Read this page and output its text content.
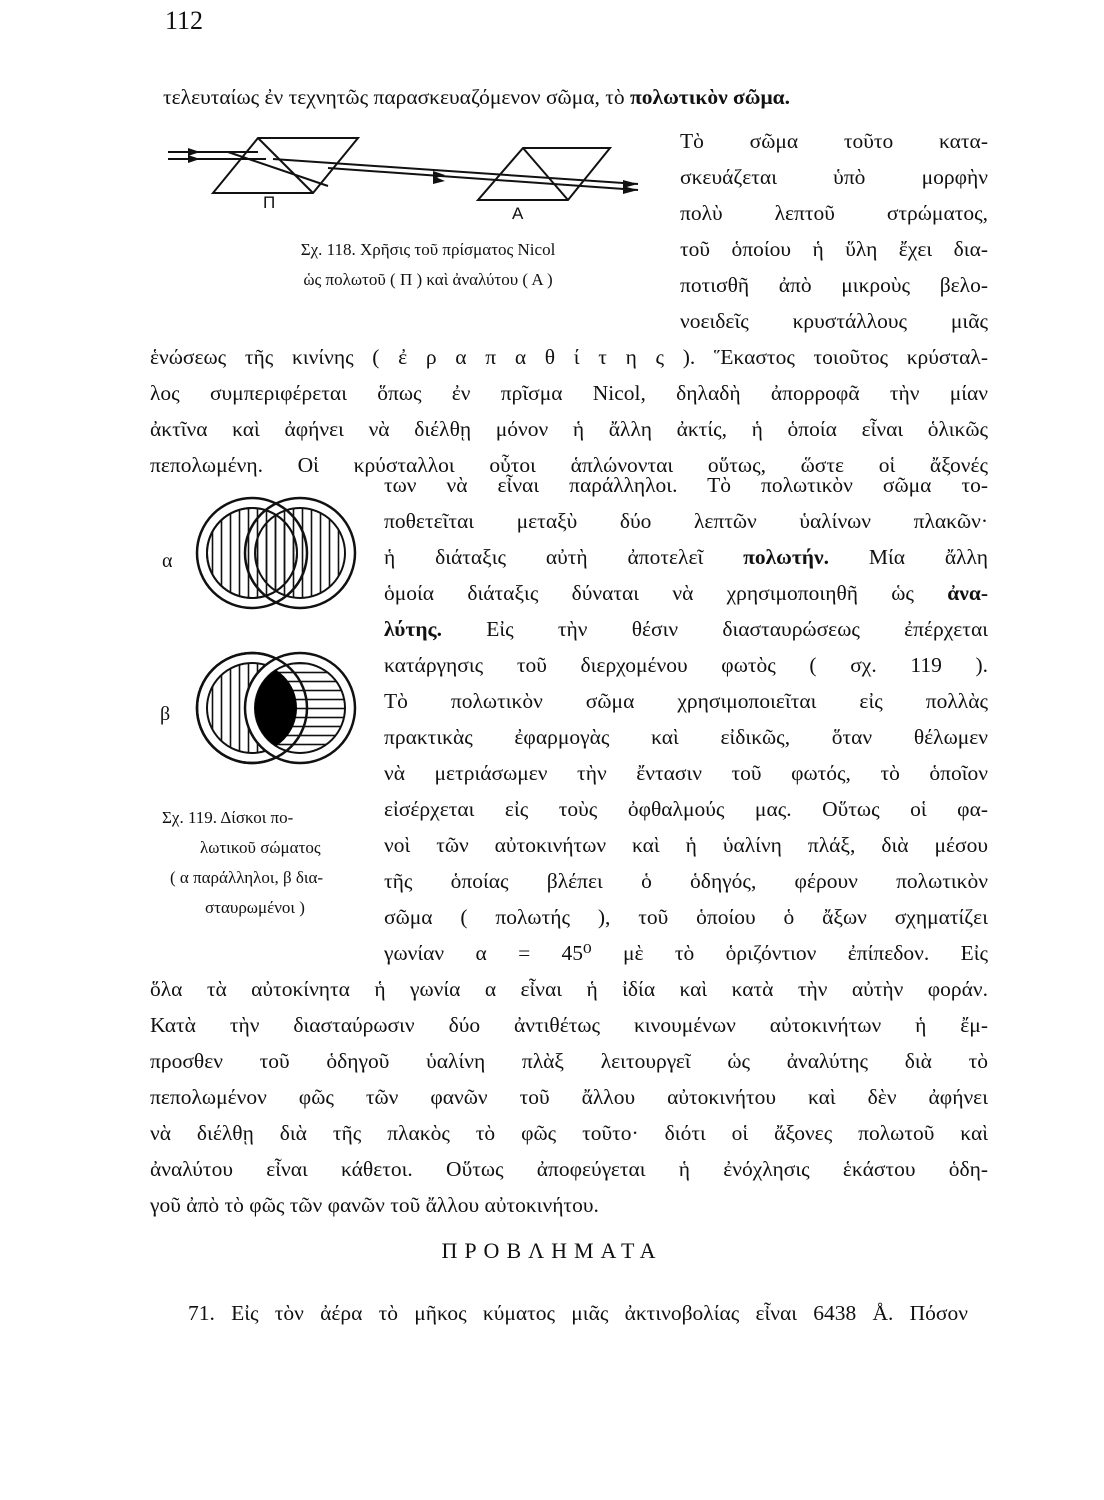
112
τελευταίως ἐν τεχνητῶς παρασκευαζόμενον σῶμα, τὸ πολωτικὸν σῶμα.
Π
Α
Σχ. 118. Χρῆσις τοῦ πρίσματος Nicol
ὡς πολωτοῦ ( Π ) καὶ ἀναλύτου ( Α )
Τὸ σῶμα τοῦτο κατα-
σκευάζεται ὑπὸ μορφὴν
πολὺ λεπτοῦ στρώματος,
τοῦ ὁποίου ἡ ὕλη ἔχει δια-
ποτισθῆ ἀπὸ μικροὺς βελο-
νοειδεῖς κρυστάλλους μιᾶς
ἑνώσεως τῆς κινίνης ( ἐ ρ α π α θ ί τ η ς ). Ἕκαστος τοιοῦτος κρύσταλ-
λος συμπεριφέρεται ὅπως ἐν πρῖσμα Nicol, δηλαδὴ ἀπορροφᾶ τὴν μίαν
ἀκτῖνα καὶ ἀφήνει νὰ διέλθῃ μόνον ἡ ἄλλη ἀκτίς, ἡ ὁποία εἶναι ὁλικῶς
πεπολωμένη. Οἱ κρύσταλλοι οὗτοι ἁπλώνονται οὕτως, ὥστε οἱ ἄξονές
α
β
Σχ. 119. Δίσκοι πο-
λωτικοῦ σώματος
( α παράλληλοι, β δια-
σταυρωμένοι )
των νὰ εἶναι παράλληλοι. Τὸ πολωτικὸν σῶμα το-
ποθετεῖται μεταξὺ δύο λεπτῶν ὑαλίνων πλακῶν·
ἡ διάταξις αὐτὴ ἀποτελεῖ πολωτήν. Μία ἄλλη
ὁμοία διάταξις δύναται νὰ χρησιμοποιηθῆ ὡς ἀνα-
λύτης. Εἰς τὴν θέσιν διασταυρώσεως ἐπέρχεται
κατάργησις τοῦ διερχομένου φωτὸς ( σχ. 119 ).
Τὸ πολωτικὸν σῶμα χρησιμοποιεῖται εἰς πολλὰς
πρακτικὰς ἐφαρμογὰς καὶ εἰδικῶς, ὅταν θέλωμεν
νὰ μετριάσωμεν τὴν ἔντασιν τοῦ φωτός, τὸ ὁποῖον
εἰσέρχεται εἰς τοὺς ὀφθαλμούς μας. Οὕτως οἱ φα-
νοὶ τῶν αὐτοκινήτων καὶ ἡ ὑαλίνη πλάξ, διὰ μέσου
τῆς ὁποίας βλέπει ὁ ὁδηγός, φέρουν πολωτικὸν
σῶμα ( πολωτής ), τοῦ ὁποίου ὁ ἄξων σχηματίζει
γωνίαν α = 45⁰ μὲ τὸ ὁριζόντιον ἐπίπεδον. Εἰς
ὅλα τὰ αὐτοκίνητα ἡ γωνία α εἶναι ἡ ἰδία καὶ κατὰ τὴν αὐτὴν φοράν.
Κατὰ τὴν διασταύρωσιν δύο ἀντιθέτως κινουμένων αὐτοκινήτων ἡ ἔμ-
προσθεν τοῦ ὁδηγοῦ ὑαλίνη πλὰξ λειτουργεῖ ὡς ἀναλύτης διὰ τὸ
πεπολωμένον φῶς τῶν φανῶν τοῦ ἄλλου αὐτοκινήτου καὶ δὲν ἀφήνει
νὰ διέλθῃ διὰ τῆς πλακὸς τὸ φῶς τοῦτο· διότι οἱ ἄξονες πολωτοῦ καὶ
ἀναλύτου εἶναι κάθετοι. Οὕτως ἀποφεύγεται ἡ ἐνόχλησις ἑκάστου ὁδη-
γοῦ ἀπὸ τὸ φῶς τῶν φανῶν τοῦ ἄλλου αὐτοκινήτου.
ΠΡΟΒΛΗΜΑΤΑ
71. Εἰς τὸν ἀέρα τὸ μῆκος κύματος μιᾶς ἀκτινοβολίας εἶναι 6438 Å. Πόσον
